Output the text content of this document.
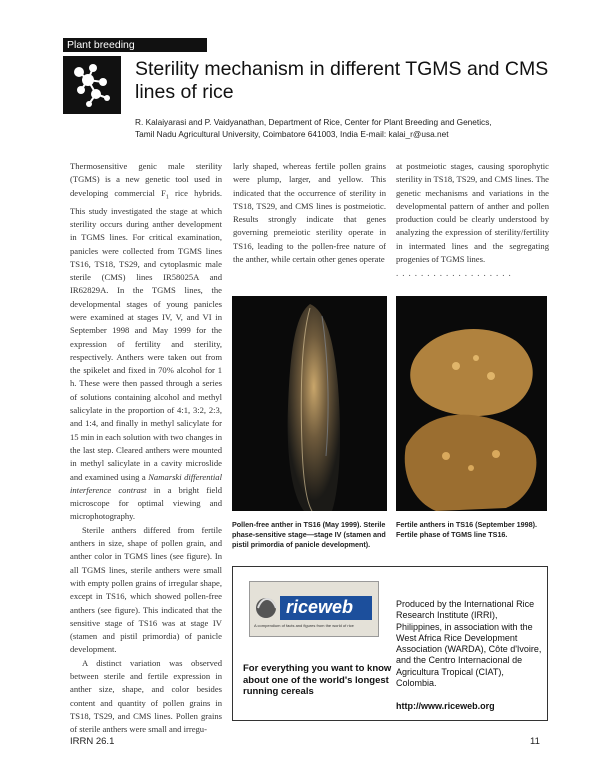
Plant breeding
Sterility mechanism in different TGMS and CMS lines of rice
R. Kalaiyarasi and P. Vaidyanathan, Department of Rice, Center for Plant Breeding and Genetics,
Tamil Nadu Agricultural University, Coimbatore 641003, India E-mail: kalai_r@usa.net

Thermosensitive genic male sterility (TGMS) is a new genetic tool used in developing commercial $F_1$ rice hybrids. This study investigated the stage at which sterility occurs during anther development in TGMS lines. For critical examination, panicles were collected from TGMS lines TS16, TS18, TS29, and cytoplasmic male sterile (CMS) lines IR58025A and IR62829A. In the TGMS lines, the developmental stages of young panicles were examined at stages IV, V, and VI in September 1998 and May 1999 for the expression of fertility and sterility, respectively. Anthers were taken out from the spikelet and fixed in 70% alcohol for 1 h. These were then passed through a series of solutions containing alcohol and methyl salicylate in the proportion of 4:1, 3:2, 2:3, and 1:4, and finally in methyl salicylate for 15 min in each solution with two changes in the last step. Cleared anthers were mounted in methyl salicylate in a cavity microslide and examined using a Namarski differential interference contrast in a bright field microscope for optimal viewing and microphotography.

Sterile anthers differed from fertile anthers in size, shape of pollen grain, and anther color in TGMS lines (see figure). In all TGMS lines, sterile anthers were small with empty pollen grains of irregular shape, except in TS16, which showed pollen-free anthers (see figure). This indicated that the sensitive stage of TS16 was at stage IV (stamen and pistil primordia) of panicle development.

A distinct variation was observed between sterile and fertile expression in anther size, shape, and color besides content and quantity of pollen grains in TS18, TS29, and CMS lines. Pollen grains of sterile anthers were small and irregu-

larly shaped, whereas fertile pollen grains were plump, larger, and yellow. This indicated that the occurrence of sterility in TS18, TS29, and CMS lines is postmeiotic. Results strongly indicate that genes governing premeiotic sterility operate in TS16, leading to the pollen-free nature of the anther, while certain other genes operate

at postmeiotic stages, causing sporophytic sterility in TS18, TS29, and CMS lines. The genetic mechanisms and variations in the developmental pattern of anther and pollen production could be clearly understood by analyzing the expression of sterility/fertility in intermated lines and the segregating progenies of TGMS lines.

...................
Pollen-free anther in TS16 (May 1999). Sterile phase-sensitive stage—stage IV (stamen and pistil primordia of panicle development).
Fertile anthers in TS16 (September 1998). Fertile phase of TGMS line TS16.
riceweb
A compendium of facts and figures from the world of rice
For everything you want to know about one of the world's longest running cereals
Produced by the International Rice Research Institute (IRRI), Philippines, in association with the West Africa Rice Development Association (WARDA), Côte d'Ivoire, and the Centro Internacional de Agricultura Tropical (CIAT), Colombia.
http://www.riceweb.org
IRRN 26.1	11
